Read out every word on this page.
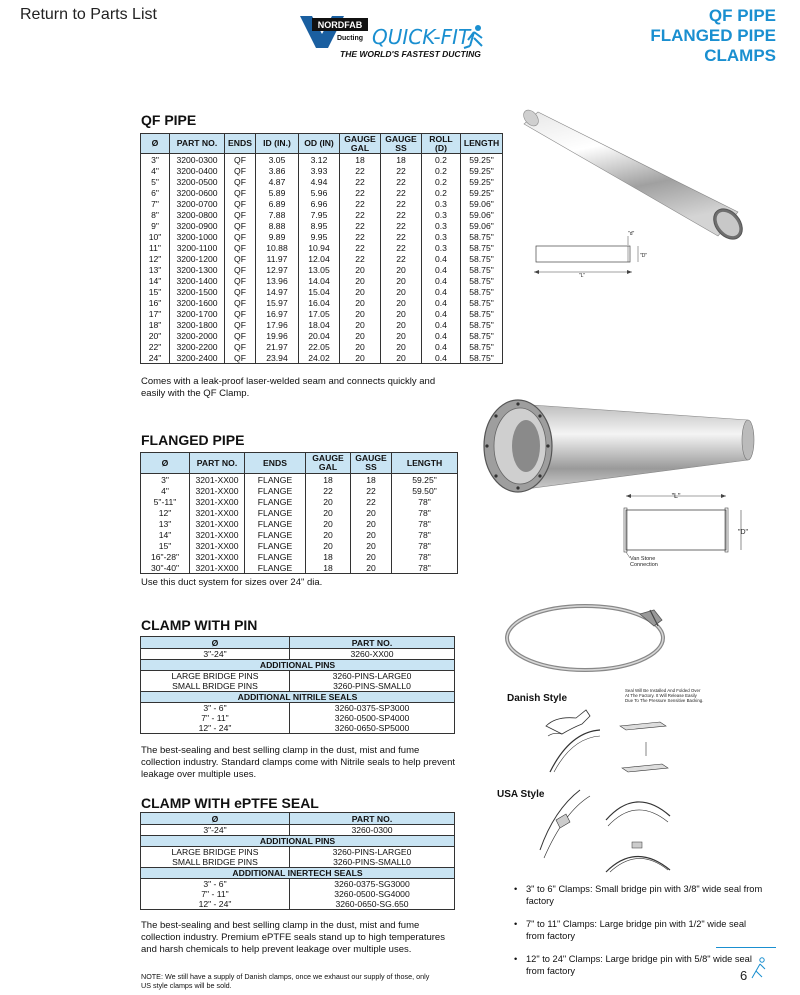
Return to Parts List
NORDFAB
Ducting QUICK-FIT
THE WORLD'S FASTEST DUCTING
QF PIPE
FLANGED PIPE
CLAMPS
QF PIPE
Ø	PART NO.	ENDS	ID (IN.)	OD (IN)	GAUGE GAL	GAUGE SS	ROLL (D)	LENGTH
3"	3200-0300	QF	3.05	3.12	18	18	0.2	59.25"
4"	3200-0400	QF	3.86	3.93	22	22	0.2	59.25"
5"	3200-0500	QF	4.87	4.94	22	22	0.2	59.25"
6"	3200-0600	QF	5.89	5.96	22	22	0.2	59.25"
7"	3200-0700	QF	6.89	6.96	22	22	0.3	59.06"
8"	3200-0800	QF	7.88	7.95	22	22	0.3	59.06"
9"	3200-0900	QF	8.88	8.95	22	22	0.3	59.06"
10"	3200-1000	QF	9.89	9.95	22	22	0.3	58.75"
11"	3200-1100	QF	10.88	10.94	22	22	0.3	58.75"
12"	3200-1200	QF	11.97	12.04	22	22	0.4	58.75"
13"	3200-1300	QF	12.97	13.05	20	20	0.4	58.75"
14"	3200-1400	QF	13.96	14.04	20	20	0.4	58.75"
15"	3200-1500	QF	14.97	15.04	20	20	0.4	58.75"
16"	3200-1600	QF	15.97	16.04	20	20	0.4	58.75"
17"	3200-1700	QF	16.97	17.05	20	20	0.4	58.75"
18"	3200-1800	QF	17.96	18.04	20	20	0.4	58.75"
20"	3200-2000	QF	19.96	20.04	20	20	0.4	58.75"
22"	3200-2200	QF	21.97	22.05	20	20	0.4	58.75"
24"	3200-2400	QF	23.94	24.02	20	20	0.4	58.75"
Comes with a leak-proof laser-welded seam and connects quickly and easily with the QF Clamp.
"L"
"D"
"d"
FLANGED PIPE
Ø	PART NO.	ENDS	GAUGE GAL	GAUGE SS	LENGTH
3"	3201-XX00	FLANGE	18	18	59.25"
4"	3201-XX00	FLANGE	22	22	59.50"
5"-11"	3201-XX00	FLANGE	20	22	78"
12"	3201-XX00	FLANGE	20	20	78"
13"	3201-XX00	FLANGE	20	20	78"
14"	3201-XX00	FLANGE	20	20	78"
15"	3201-XX00	FLANGE	20	20	78"
16"-28"	3201-XX00	FLANGE	18	20	78"
30"-40"	3201-XX00	FLANGE	18	20	78"
Use this duct system for sizes over 24" dia.
"L"
"D"
Van Stone
Connection
CLAMP WITH PIN
Ø	PART NO.
3"-24"	3260-XX00
ADDITIONAL PINS	
LARGE BRIDGE PINS	3260-PINS-LARGE0
SMALL BRIDGE PINS	3260-PINS-SMALL0
ADDITIONAL NITRILE SEALS	
3" - 6"	3260-0375-SP3000
7" - 11"	3260-0500-SP4000
12" - 24"	3260-0650-SP5000
The best-sealing and best selling clamp in the dust, mist and fume collection industry. Standard clamps come with Nitrile seals to help prevent leakage over multiple uses.
CLAMP WITH ePTFE SEAL
Ø	PART NO.
3"-24"	3260-0300
ADDITIONAL PINS	
LARGE BRIDGE PINS	3260-PINS-LARGE0
SMALL BRIDGE PINS	3260-PINS-SMALL0
ADDITIONAL INERTECH SEALS	
3" - 6"	3260-0375-SG3000
7" - 11"	3260-0500-SG4000
12" - 24"	3260-0650-SG.650
The best-sealing and best selling clamp in the dust, mist and fume collection industry. Premium ePTFE seals stand up to high temperatures and harsh chemicals to help prevent leakage over multiple uses.
NOTE: We still have a supply of Danish clamps, once we exhaust our supply of those, only US style clamps will be sold.
Danish Style
Seal Will Be Installed And Folded Over At The Factory. It Will Release Easily Due To The Pressure Sensitive Backing.
USA Style
• 3" to 6" Clamps: Small bridge pin with 3/8" wide seal from factory
• 7" to 11" Clamps: Large bridge pin with 1/2" wide seal from factory
• 12" to 24" Clamps: Large bridge pin with 5/8" wide seal from factory	6
